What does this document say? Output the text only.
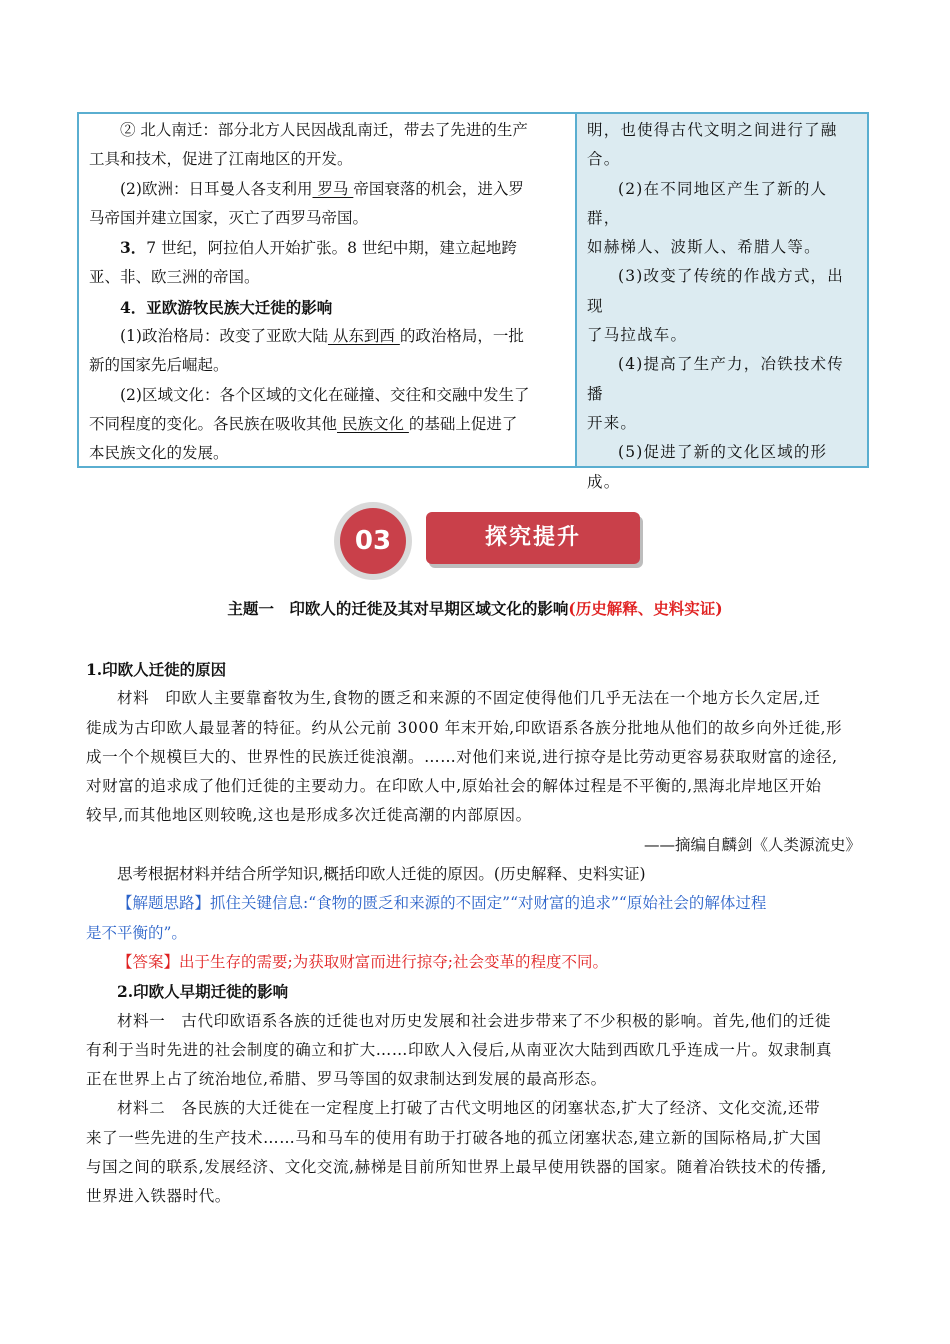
② 北人南迁：部分北方人民因战乱南迁，带去了先进的生产

工具和技术，促进了江南地区的开发。

(2)欧洲：日耳曼人各支利用 罗马 帝国衰落的机会，进入罗

马帝国并建立国家，灭亡了西罗马帝国。

3．7 世纪，阿拉伯人开始扩张。8 世纪中期，建立起地跨

亚、非、欧三洲的帝国。

4．亚欧游牧民族大迁徙的影响

(1)政治格局：改变了亚欧大陆 从东到西 的政治格局，一批

新的国家先后崛起。

(2)区域文化：各个区域的文化在碰撞、交往和交融中发生了

不同程度的变化。各民族在吸收其他 民族文化 的基础上促进了

本民族文化的发展。

明，也使得古代文明之间进行了融

合。

(2)在不同地区产生了新的人群，

如赫梯人、波斯人、希腊人等。

(3)改变了传统的作战方式，出现

了马拉战车。

(4)提高了生产力，冶铁技术传播

开来。

(5)促进了新的文化区域的形成。

03	探究提升
主题一　印欧人的迁徙及其对早期区域文化的影响(历史解释、史料实证)

1.印欧人迁徙的原因

材料　印欧人主要靠畜牧为生,食物的匮乏和来源的不固定使得他们几乎无法在一个地方长久定居,迁

徙成为古印欧人最显著的特征。约从公元前 3000 年末开始,印欧语系各族分批地从他们的故乡向外迁徙,形

成一个个规模巨大的、世界性的民族迁徙浪潮。……对他们来说,进行掠夺是比劳动更容易获取财富的途径,

对财富的追求成了他们迁徙的主要动力。在印欧人中,原始社会的解体过程是不平衡的,黑海北岸地区开始

较早,而其他地区则较晚,这也是形成多次迁徙高潮的内部原因。

——摘编自麟剑《人类源流史》

思考根据材料并结合所学知识,概括印欧人迁徙的原因。(历史解释、史料实证)

【解题思路】抓住关键信息:“食物的匮乏和来源的不固定”“对财富的追求”“原始社会的解体过程

是不平衡的”。

【答案】出于生存的需要;为获取财富而进行掠夺;社会变革的程度不同。

2.印欧人早期迁徙的影响

材料一　古代印欧语系各族的迁徙也对历史发展和社会进步带来了不少积极的影响。首先,他们的迁徙

有利于当时先进的社会制度的确立和扩大……印欧人入侵后,从南亚次大陆到西欧几乎连成一片。奴隶制真

正在世界上占了统治地位,希腊、罗马等国的奴隶制达到发展的最高形态。

材料二　各民族的大迁徙在一定程度上打破了古代文明地区的闭塞状态,扩大了经济、文化交流,还带

来了一些先进的生产技术……马和马车的使用有助于打破各地的孤立闭塞状态,建立新的国际格局,扩大国

与国之间的联系,发展经济、文化交流,赫梯是目前所知世界上最早使用铁器的国家。随着冶铁技术的传播,

世界进入铁器时代。
